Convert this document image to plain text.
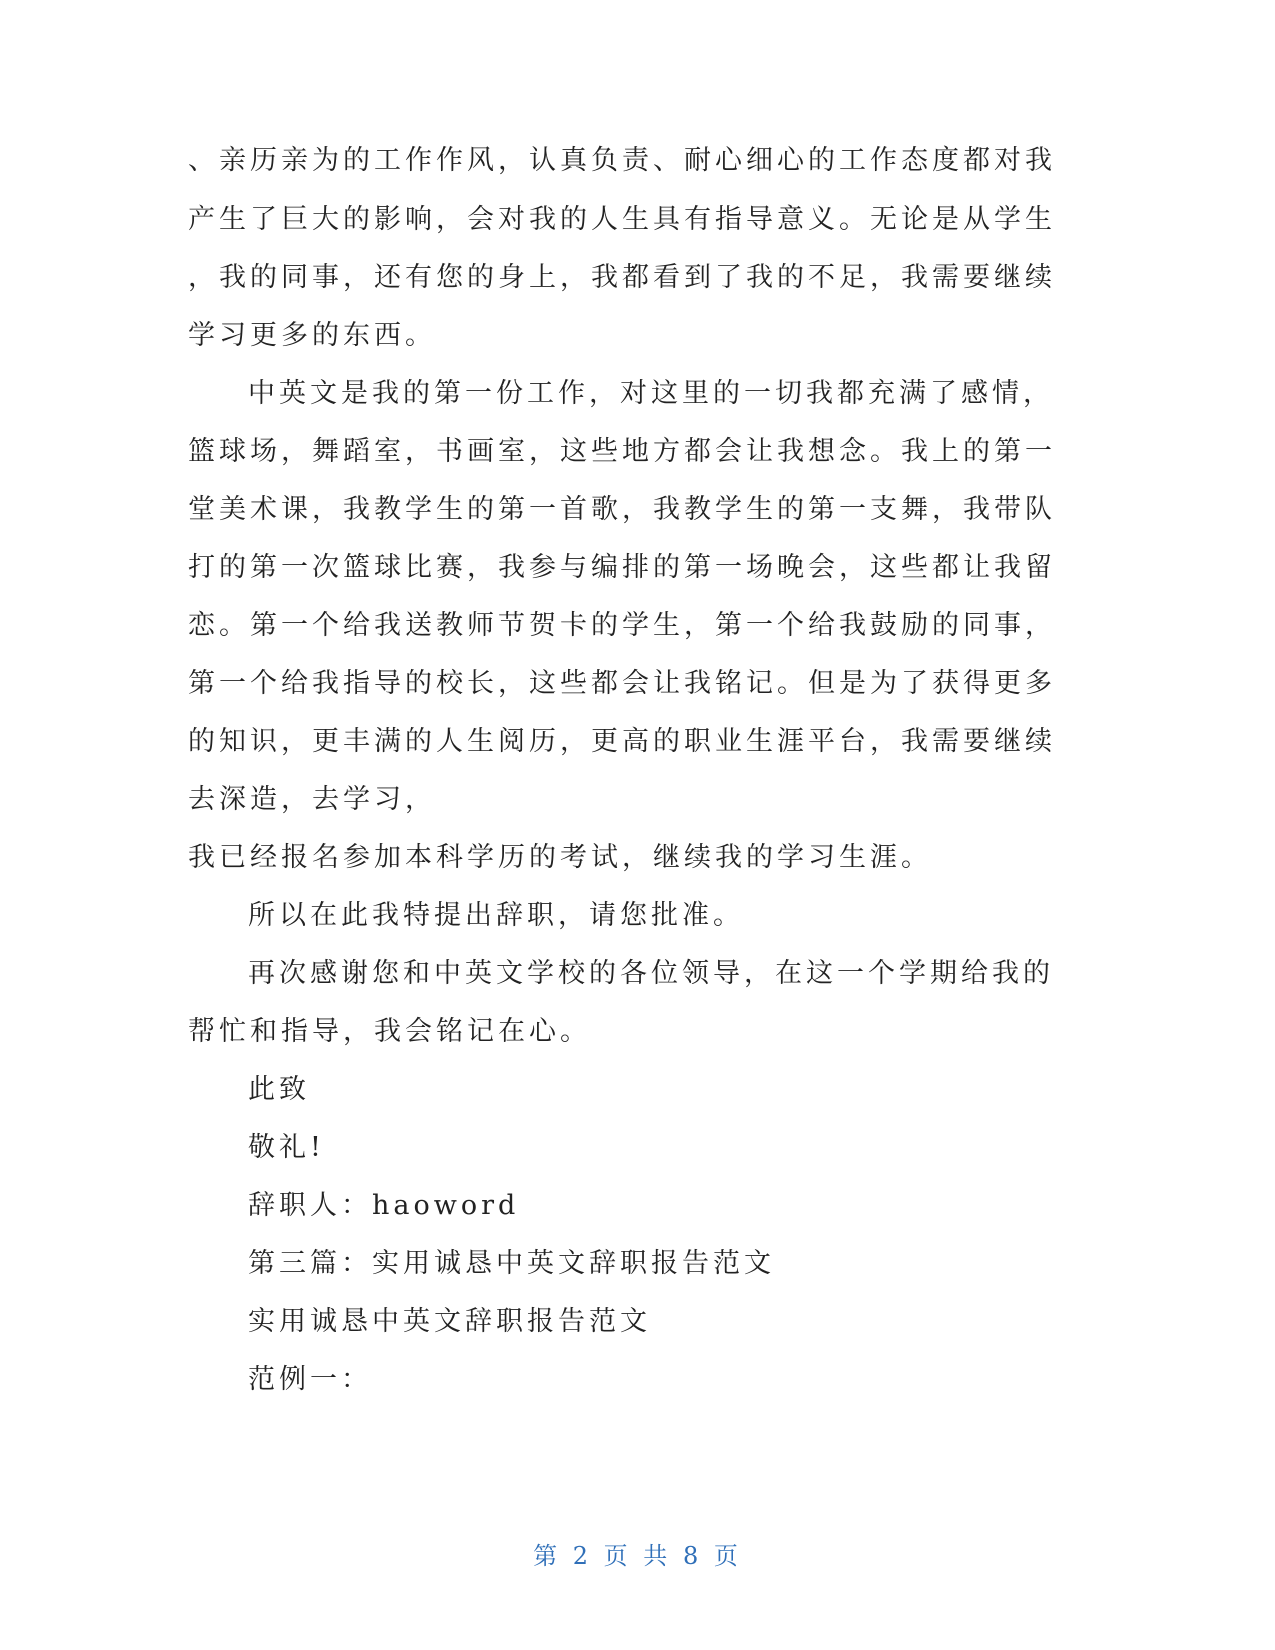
、亲历亲为的工作作风，认真负责、耐心细心的工作态度都对我
产生了巨大的影响，会对我的人生具有指导意义。无论是从学生
，我的同事，还有您的身上，我都看到了我的不足，我需要继续
学习更多的东西。
中英文是我的第一份工作，对这里的一切我都充满了感情，
篮球场，舞蹈室，书画室，这些地方都会让我想念。我上的第一
堂美术课，我教学生的第一首歌，我教学生的第一支舞，我带队
打的第一次篮球比赛，我参与编排的第一场晚会，这些都让我留
恋。第一个给我送教师节贺卡的学生，第一个给我鼓励的同事，
第一个给我指导的校长，这些都会让我铭记。但是为了获得更多
的知识，更丰满的人生阅历，更高的职业生涯平台，我需要继续
去深造，去学习，
我已经报名参加本科学历的考试，继续我的学习生涯。
所以在此我特提出辞职，请您批准。
再次感谢您和中英文学校的各位领导，在这一个学期给我的
帮忙和指导，我会铭记在心。
此致
敬礼!
辞职人：haoword
第三篇：实用诚恳中英文辞职报告范文
实用诚恳中英文辞职报告范文
范例一：
第 2 页 共 8 页
